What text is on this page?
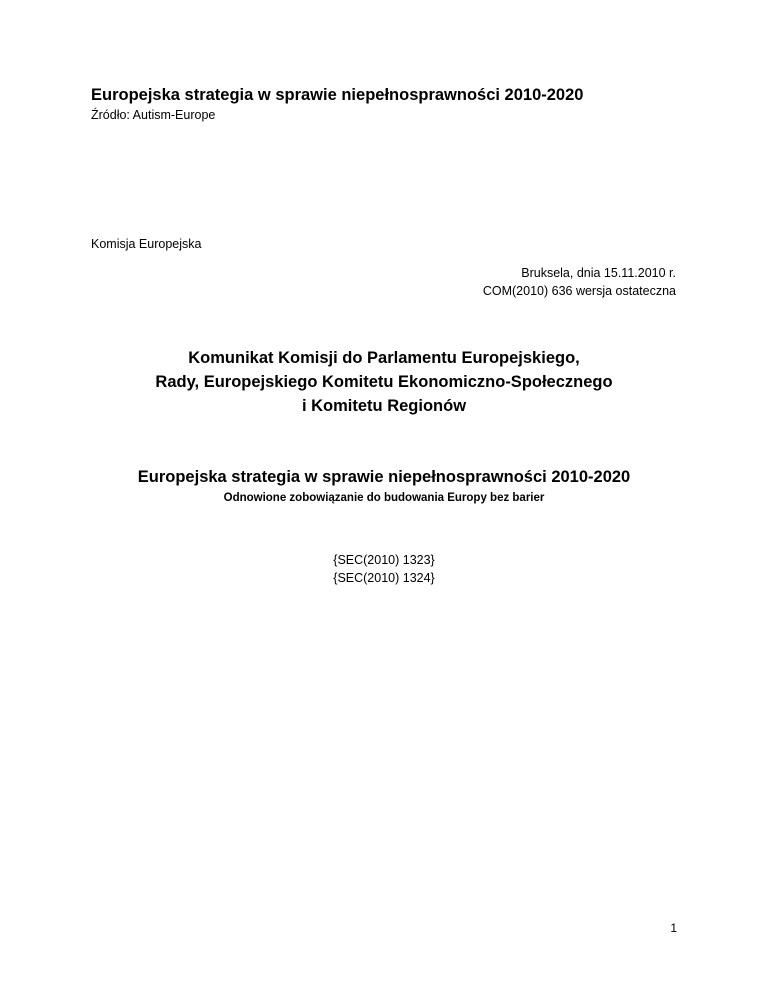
Europejska strategia w sprawie niepełnosprawności 2010-2020
Źródło: Autism-Europe
Komisja Europejska
Bruksela, dnia 15.11.2010 r.
COM(2010) 636 wersja ostateczna
Komunikat Komisji do Parlamentu Europejskiego,
Rady, Europejskiego Komitetu Ekonomiczno-Społecznego
i Komitetu Regionów
Europejska strategia w sprawie niepełnosprawności 2010-2020
Odnowione zobowiązanie do budowania Europy bez barier
{SEC(2010) 1323}
{SEC(2010) 1324}
1
